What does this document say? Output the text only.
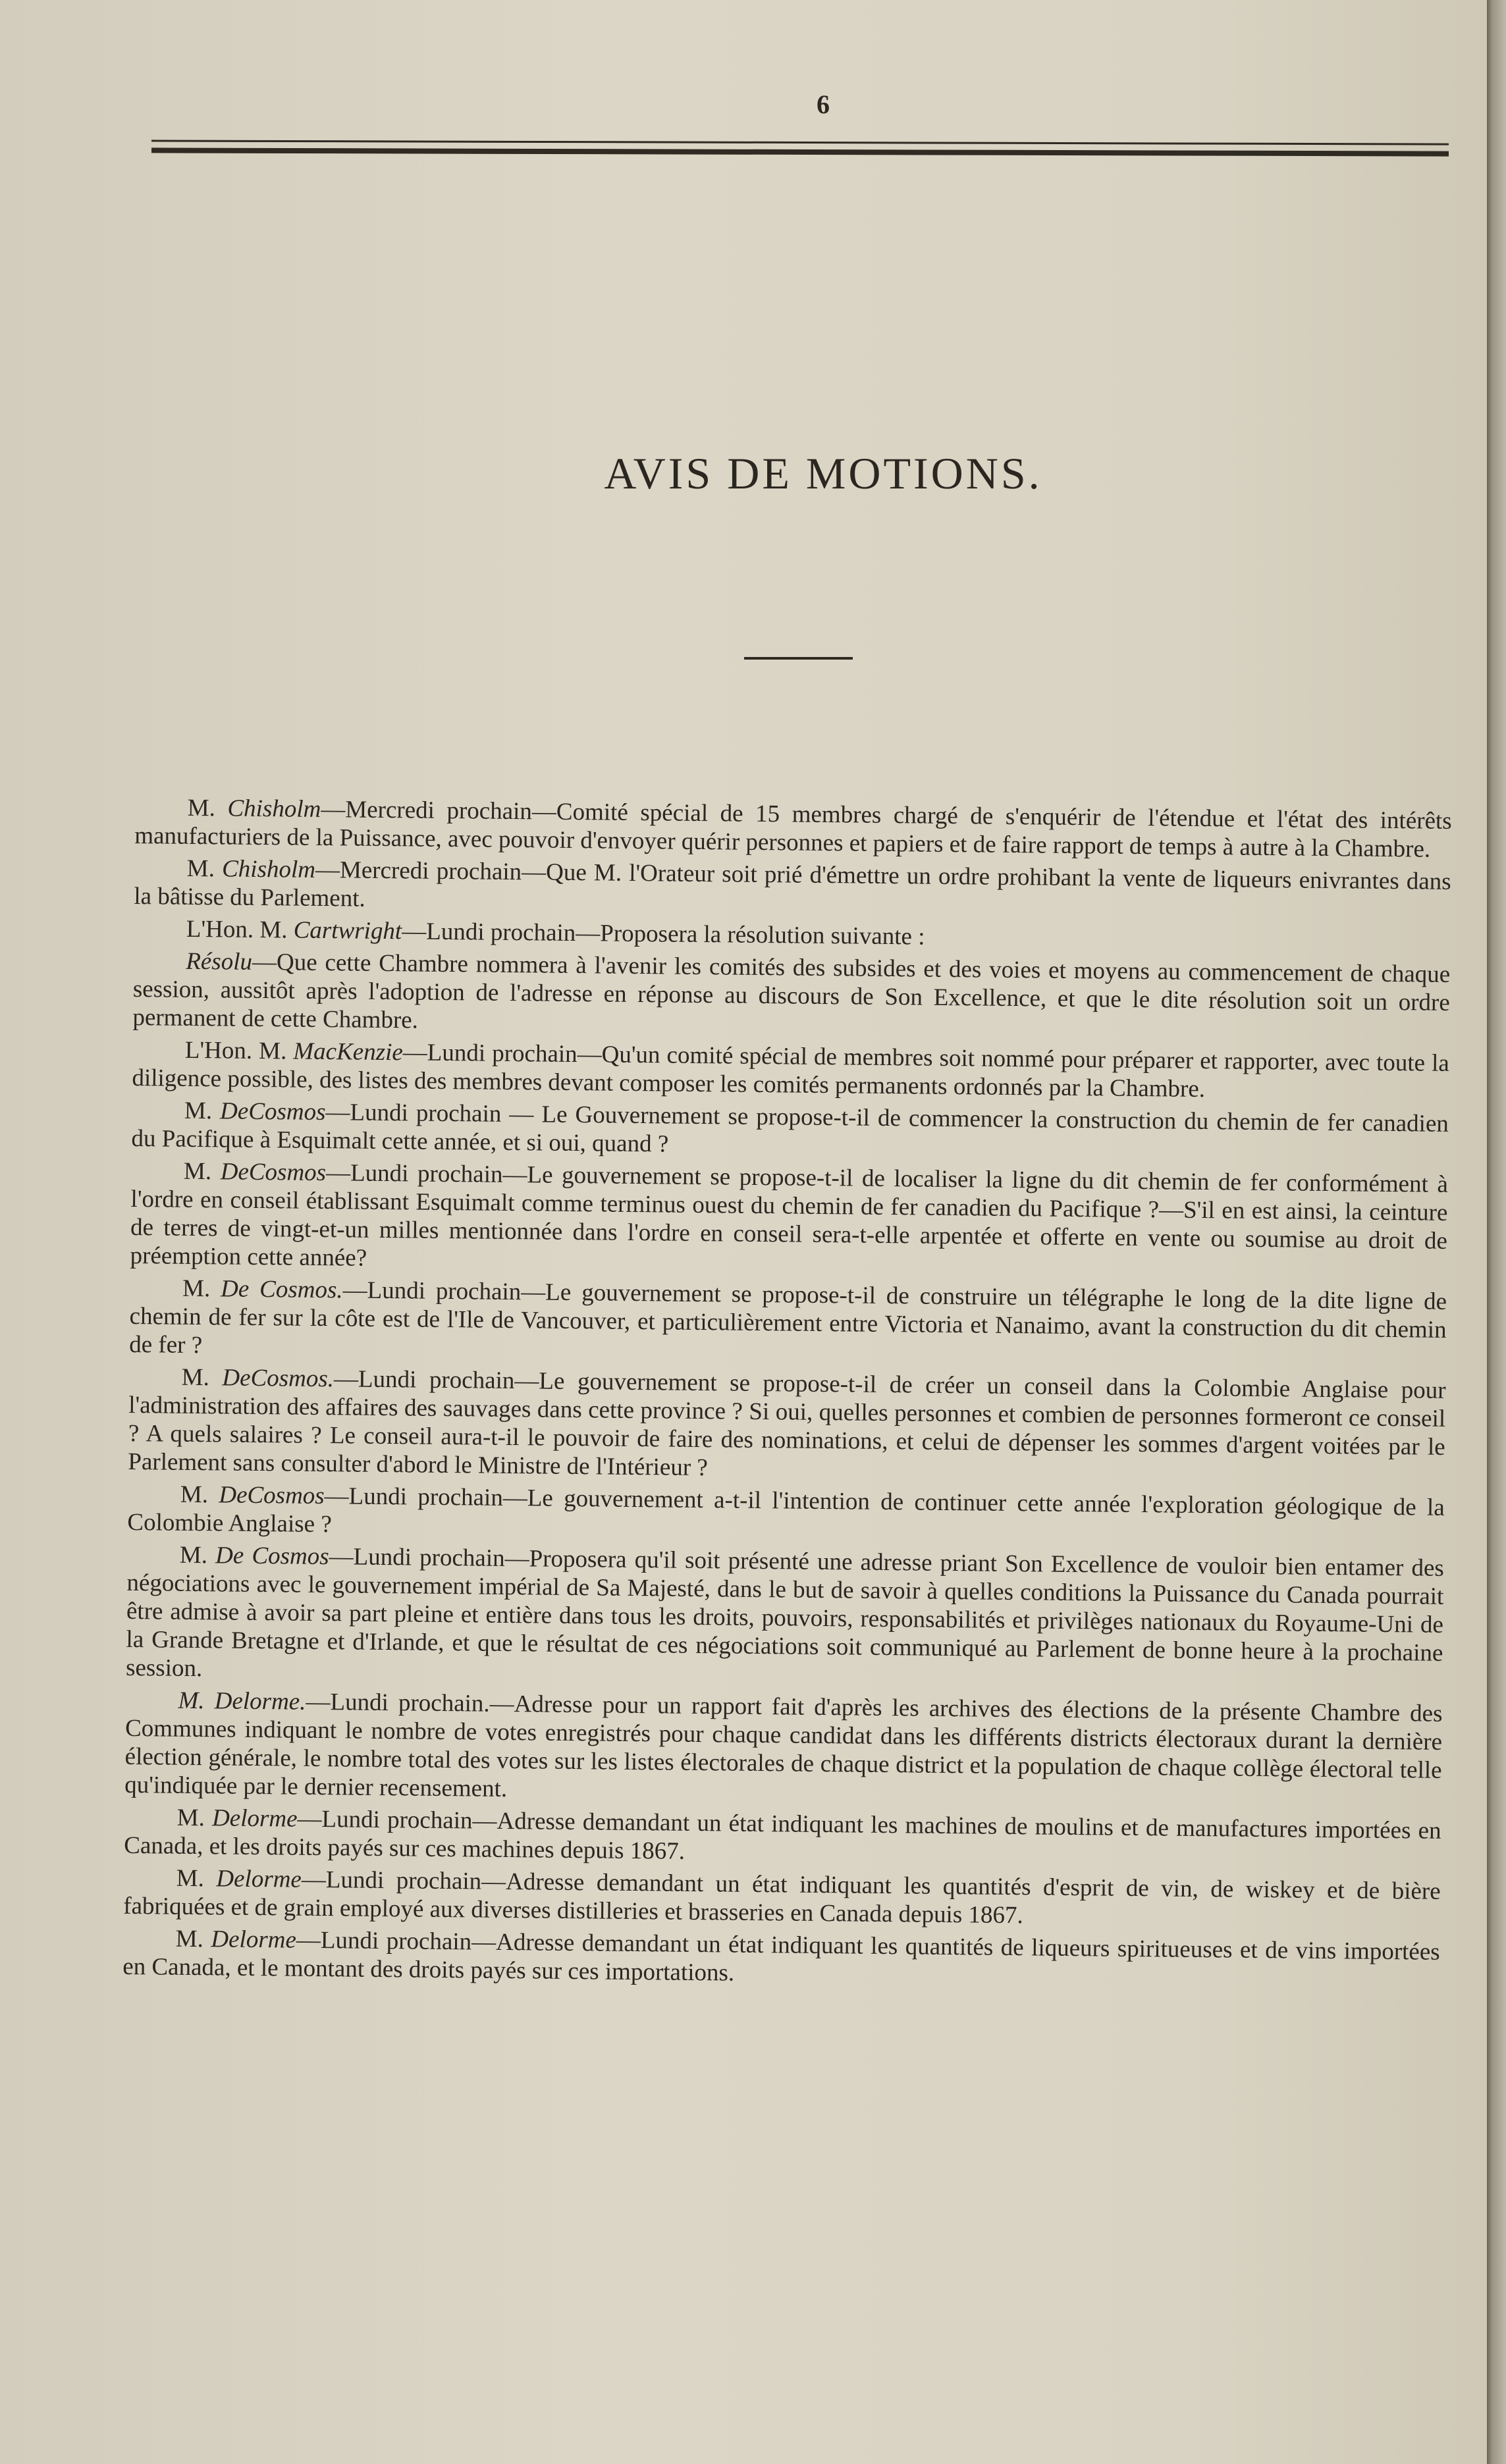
6
AVIS DE MOTIONS.

M. Chisholm—Mercredi prochain—Comité spécial de 15 membres chargé de s'enquérir de l'étendue et l'état des intérêts manufacturiers de la Puissance, avec pouvoir d'envoyer quérir personnes et papiers et de faire rapport de temps à autre à la Chambre.

M. Chisholm—Mercredi prochain—Que M. l'Orateur soit prié d'émettre un ordre prohibant la vente de liqueurs enivrantes dans la bâtisse du Parlement.

L'Hon. M. Cartwright—Lundi prochain—Proposera la résolution suivante :

Résolu—Que cette Chambre nommera à l'avenir les comités des subsides et des voies et moyens au commencement de chaque session, aussitôt après l'adoption de l'adresse en réponse au discours de Son Excellence, et que le dite résolution soit un ordre permanent de cette Chambre.

L'Hon. M. MacKenzie—Lundi prochain—Qu'un comité spécial de membres soit nommé pour préparer et rapporter, avec toute la diligence possible, des listes des membres devant composer les comités permanents ordonnés par la Chambre.

M. DeCosmos—Lundi prochain — Le Gouvernement se propose-t-il de commencer la construction du chemin de fer canadien du Pacifique à Esquimalt cette année, et si oui, quand ?

M. DeCosmos—Lundi prochain—Le gouvernement se propose-t-il de localiser la ligne du dit chemin de fer conformément à l'ordre en conseil établissant Esquimalt comme terminus ouest du chemin de fer canadien du Pacifique ?—S'il en est ainsi, la ceinture de terres de vingt-et-un milles mentionnée dans l'ordre en conseil sera-t-elle arpentée et offerte en vente ou soumise au droit de préemption cette année?

M. De Cosmos.—Lundi prochain—Le gouvernement se propose-t-il de construire un télégraphe le long de la dite ligne de chemin de fer sur la côte est de l'Ile de Vancouver, et particulièrement entre Victoria et Nanaimo, avant la construction du dit chemin de fer ?

M. DeCosmos.—Lundi prochain—Le gouvernement se propose-t-il de créer un conseil dans la Colombie Anglaise pour l'administration des affaires des sauvages dans cette province ? Si oui, quelles personnes et combien de personnes formeront ce conseil ? A quels salaires ? Le conseil aura-t-il le pouvoir de faire des nominations, et celui de dépenser les sommes d'argent voitées par le Parlement sans consulter d'abord le Ministre de l'Intérieur ?

M. DeCosmos—Lundi prochain—Le gouvernement a-t-il l'intention de continuer cette année l'exploration géologique de la Colombie Anglaise ?

M. De Cosmos—Lundi prochain—Proposera qu'il soit présenté une adresse priant Son Excellence de vouloir bien entamer des négociations avec le gouvernement impérial de Sa Majesté, dans le but de savoir à quelles conditions la Puissance du Canada pourrait être admise à avoir sa part pleine et entière dans tous les droits, pouvoirs, responsabilités et privilèges nationaux du Royaume-Uni de la Grande Bretagne et d'Irlande, et que le résultat de ces négociations soit communiqué au Parlement de bonne heure à la prochaine session.

M. Delorme.—Lundi prochain.—Adresse pour un rapport fait d'après les archives des élections de la présente Chambre des Communes indiquant le nombre de votes enregistrés pour chaque candidat dans les différents districts électoraux durant la dernière élection générale, le nombre total des votes sur les listes électorales de chaque district et la population de chaque collège électoral telle qu'indiquée par le dernier recensement.

M. Delorme—Lundi prochain—Adresse demandant un état indiquant les machines de moulins et de manufactures importées en Canada, et les droits payés sur ces machines depuis 1867.

M. Delorme—Lundi prochain—Adresse demandant un état indiquant les quantités d'esprit de vin, de wiskey et de bière fabriquées et de grain employé aux diverses distilleries et brasseries en Canada depuis 1867.

M. Delorme—Lundi prochain—Adresse demandant un état indiquant les quantités de liqueurs spiritueuses et de vins importées en Canada, et le montant des droits payés sur ces importations.
